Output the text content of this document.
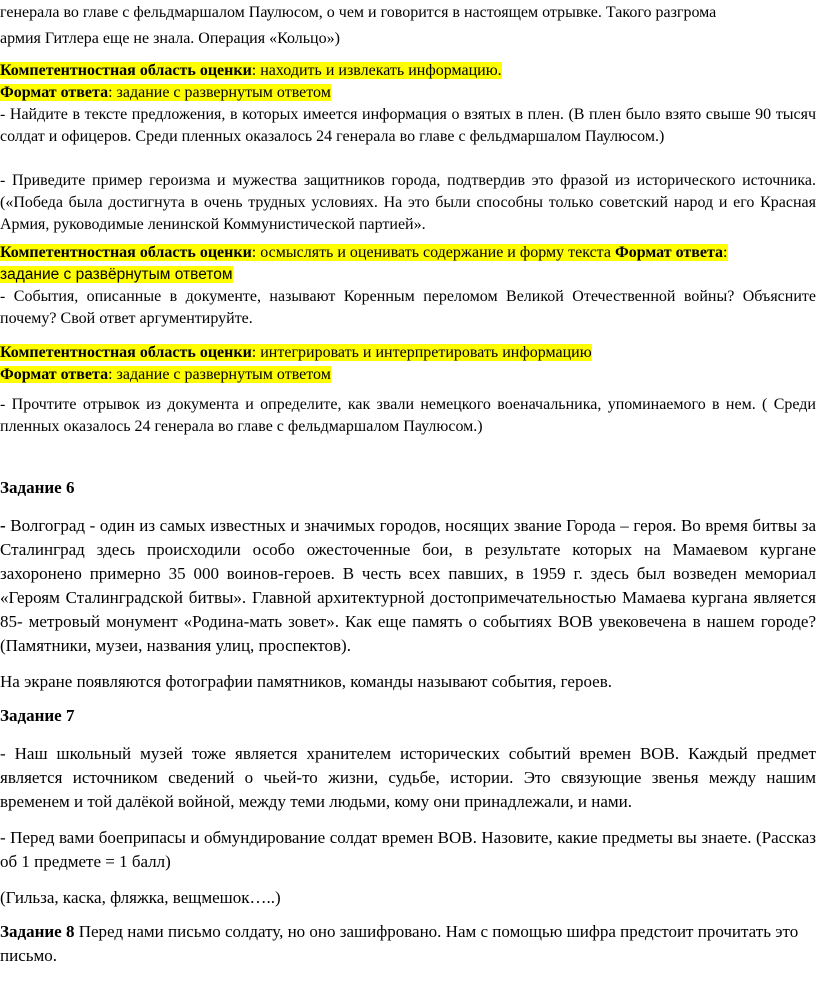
генерала во главе с фельдмаршалом Паулюсом, о чем и говорится в настоящем отрывке. Такого разгрома

армия Гитлера еще не знала. Операция «Кольцо»)

Компетентностная область оценки: находить и извлекать информацию.

Формат ответа: задание с развернутым ответом

- Найдите в тексте предложения, в которых имеется информация о взятых в плен. (В плен было взято свыше 90 тысяч солдат и офицеров. Среди пленных оказалось 24 генерала во главе с фельдмаршалом Паулюсом.)

- Приведите пример героизма и мужества защитников города, подтвердив это фразой из исторического источника. («Победа была достигнута в очень трудных условиях. На это были способны только советский народ и его Красная Армия, руководимые ленинской Коммунистической партией».

Компетентностная область оценки: осмыслять и оценивать содержание и форму текста Формат ответа:

задание с развёрнутым ответом

- События, описанные в документе, называют Коренным переломом Великой Отечественной войны? Объясните почему? Свой ответ аргументируйте.

Компетентностная область оценки: интегрировать и интерпретировать информацию

Формат ответа: задание с развернутым ответом

- Прочтите отрывок из документа и определите, как звали немецкого военачальника, упоминаемого в нем. ( Среди пленных оказалось 24 генерала во главе с фельдмаршалом Паулюсом.)

Задание 6

- Волгоград - один из самых известных и значимых городов, носящих звание Города – героя. Во время битвы за Сталинград здесь происходили особо ожесточенные бои, в результате которых на Мамаевом кургане захоронено примерно 35 000 воинов-героев. В честь всех павших, в 1959 г. здесь был возведен мемориал «Героям Сталинградской битвы». Главной архитектурной достопримечательностью Мамаева кургана является 85- метровый монумент «Родина-мать зовет». Как еще память о событиях ВОВ увековечена в нашем городе? (Памятники, музеи, названия улиц, проспектов).

На экране появляются фотографии памятников, команды называют события, героев.

Задание 7

- Наш школьный музей тоже является хранителем исторических событий времен ВОВ. Каждый предмет является источником сведений о чьей-то жизни, судьбе, истории. Это связующие звенья между нашим временем и той далёкой войной, между теми людьми, кому они принадлежали, и нами.

- Перед вами боеприпасы и обмундирование солдат времен ВОВ. Назовите, какие предметы вы знаете. (Рассказ об 1 предмете = 1 балл)

(Гильза, каска, фляжка, вещмешок…..)

Задание 8 Перед нами письмо солдату, но оно зашифровано. Нам с помощью шифра предстоит прочитать это письмо.
